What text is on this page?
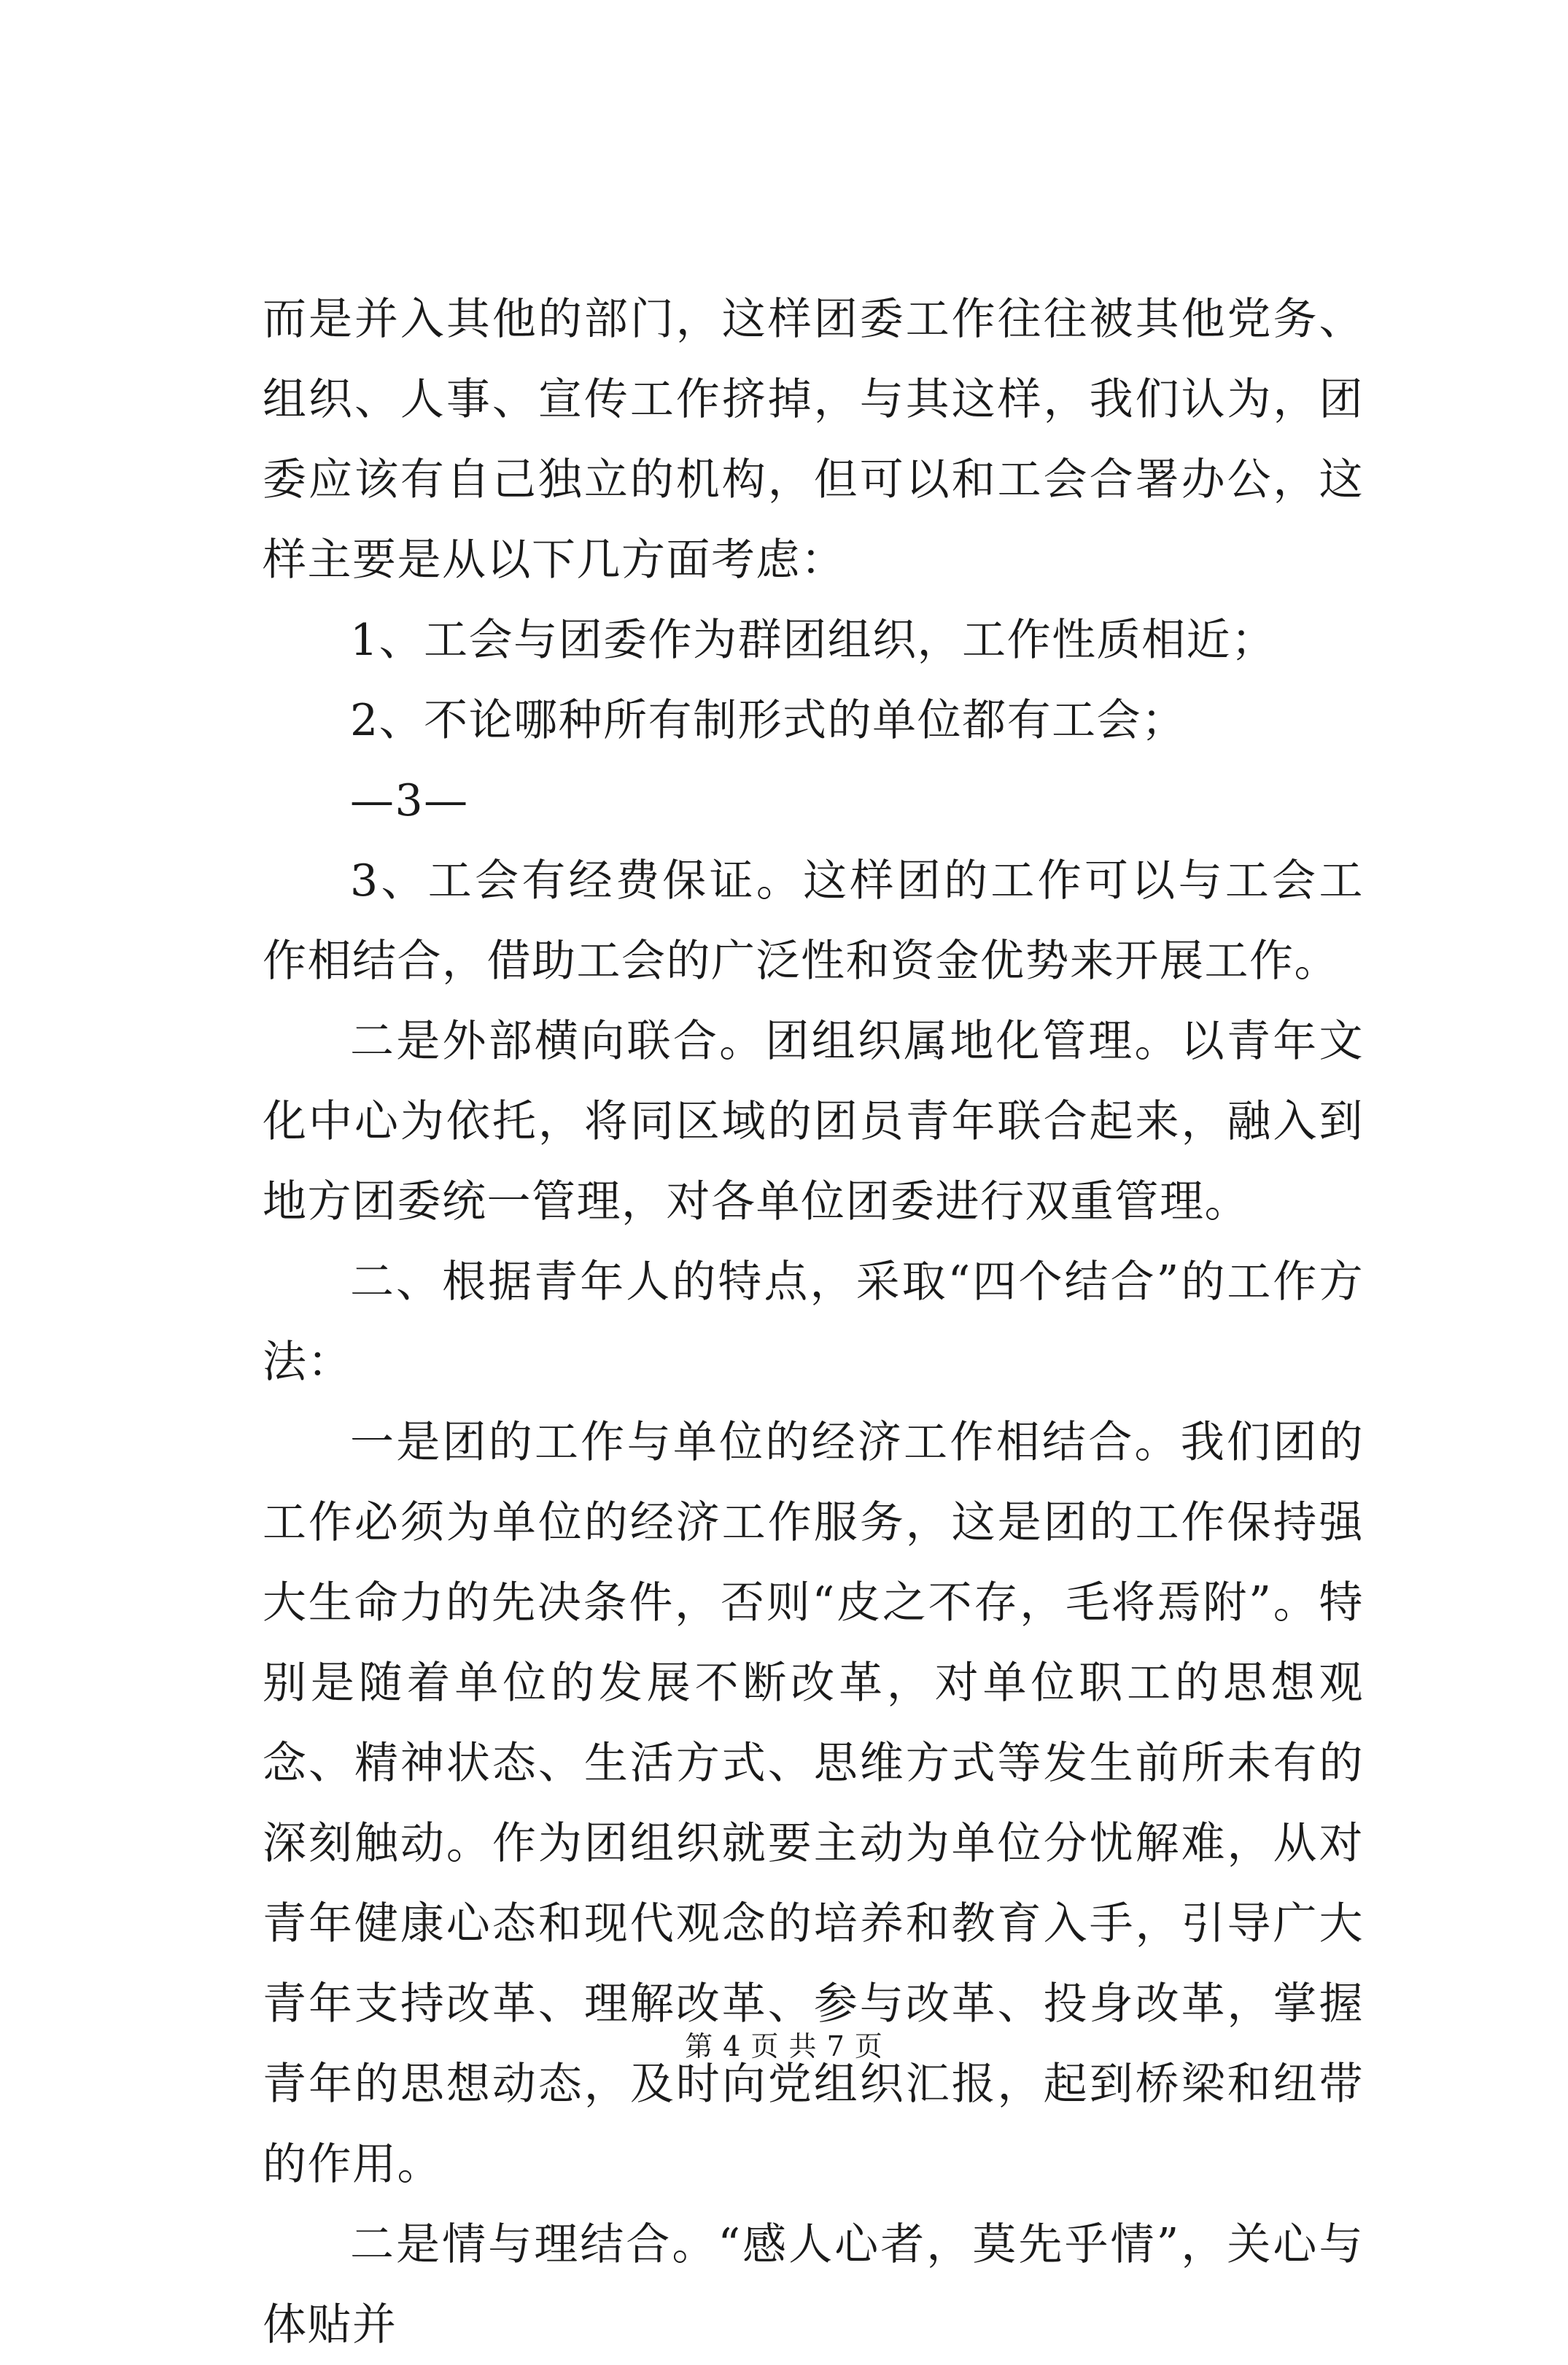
而是并入其他的部门，这样团委工作往往被其他党务、组织、人事、宣传工作挤掉，与其这样，我们认为，团委应该有自己独立的机构，但可以和工会合署办公，这样主要是从以下几方面考虑：

1、工会与团委作为群团组织，工作性质相近；

2、不论哪种所有制形式的单位都有工会；

—3—

3、工会有经费保证。这样团的工作可以与工会工作相结合，借助工会的广泛性和资金优势来开展工作。

二是外部横向联合。团组织属地化管理。以青年文化中心为依托，将同区域的团员青年联合起来，融入到地方团委统一管理，对各单位团委进行双重管理。

二、根据青年人的特点，采取“四个结合”的工作方法：

一是团的工作与单位的经济工作相结合。我们团的工作必须为单位的经济工作服务，这是团的工作保持强大生命力的先决条件，否则“皮之不存，毛将焉附”。特别是随着单位的发展不断改革，对单位职工的思想观念、精神状态、生活方式、思维方式等发生前所未有的深刻触动。作为团组织就要主动为单位分忧解难，从对青年健康心态和现代观念的培养和教育入手，引导广大青年支持改革、理解改革、参与改革、投身改革，掌握青年的思想动态，及时向党组织汇报，起到桥梁和纽带的作用。

二是情与理结合。“感人心者，莫先乎情”，关心与体贴并

第 4 页 共 7 页
